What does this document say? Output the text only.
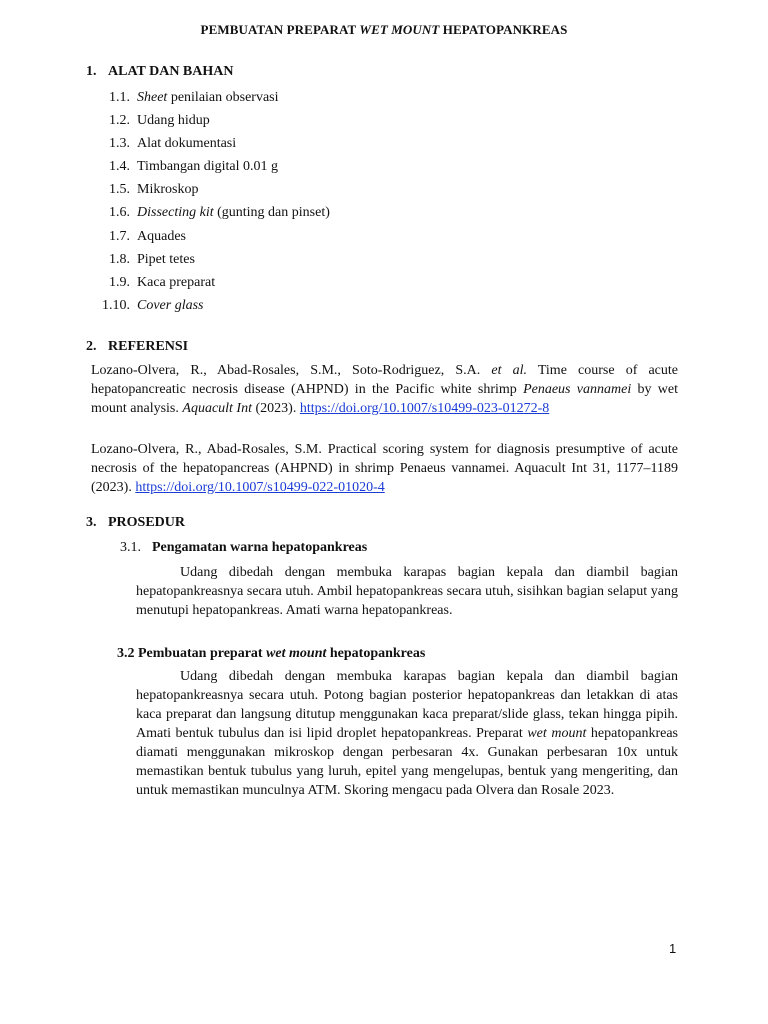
PEMBUATAN PREPARAT WET MOUNT HEPATOPANKREAS
1. ALAT DAN BAHAN
1.1. Sheet penilaian observasi
1.2. Udang hidup
1.3. Alat dokumentasi
1.4. Timbangan digital 0.01 g
1.5. Mikroskop
1.6. Dissecting kit (gunting dan pinset)
1.7. Aquades
1.8. Pipet tetes
1.9. Kaca preparat
1.10. Cover glass
2. REFERENSI

Lozano-Olvera, R., Abad-Rosales, S.M., Soto-Rodriguez, S.A. et al. Time course of acute hepatopancreatic necrosis disease (AHPND) in the Pacific white shrimp Penaeus vannamei by wet mount analysis. Aquacult Int (2023). https://doi.org/10.1007/s10499-023-01272-8

Lozano-Olvera, R., Abad-Rosales, S.M. Practical scoring system for diagnosis presumptive of acute necrosis of the hepatopancreas (AHPND) in shrimp Penaeus vannamei. Aquacult Int 31, 1177–1189 (2023). https://doi.org/10.1007/s10499-022-01020-4

3. PROSEDUR
3.1. Pengamatan warna hepatopankreas

Udang dibedah dengan membuka karapas bagian kepala dan diambil bagian hepatopankreasnya secara utuh. Ambil hepatopankreas secara utuh, sisihkan bagian selaput yang menutupi hepatopankreas. Amati warna hepatopankreas.

3.2 Pembuatan preparat wet mount hepatopankreas

Udang dibedah dengan membuka karapas bagian kepala dan diambil bagian hepatopankreasnya secara utuh. Potong bagian posterior hepatopankreas dan letakkan di atas kaca preparat dan langsung ditutup menggunakan kaca preparat/slide glass, tekan hingga pipih. Amati bentuk tubulus dan isi lipid droplet hepatopankreas. Preparat wet mount hepatopankreas diamati menggunakan mikroskop dengan perbesaran 4x. Gunakan perbesaran 10x untuk memastikan bentuk tubulus yang luruh, epitel yang mengelupas, bentuk yang mengeriting, dan untuk memastikan munculnya ATM. Skoring mengacu pada Olvera dan Rosale 2023.

1
